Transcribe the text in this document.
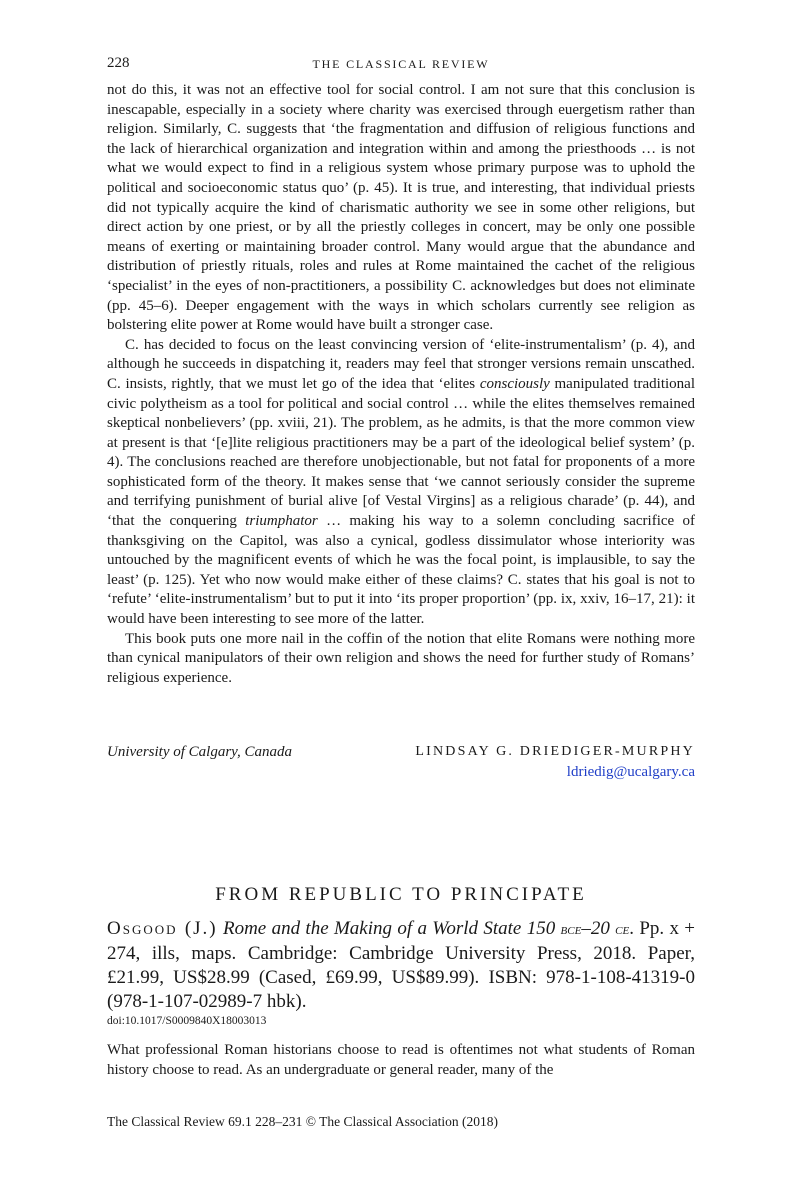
228	THE CLASSICAL REVIEW

not do this, it was not an effective tool for social control. I am not sure that this conclusion is inescapable, especially in a society where charity was exercised through euergetism rather than religion. Similarly, C. suggests that ‘the fragmentation and diffusion of religious functions and the lack of hierarchical organization and integration within and among the priesthoods … is not what we would expect to find in a religious system whose primary purpose was to uphold the political and socioeconomic status quo’ (p. 45). It is true, and interesting, that individual priests did not typically acquire the kind of charismatic authority we see in some other religions, but direct action by one priest, or by all the priestly colleges in concert, may be only one possible means of exerting or maintaining broader control. Many would argue that the abundance and distribution of priestly rituals, roles and rules at Rome maintained the cachet of the religious ‘specialist’ in the eyes of non-practitioners, a possibility C. acknowledges but does not eliminate (pp. 45–6). Deeper engagement with the ways in which scholars currently see religion as bolstering elite power at Rome would have built a stronger case.

C. has decided to focus on the least convincing version of ‘elite-instrumentalism’ (p. 4), and although he succeeds in dispatching it, readers may feel that stronger versions remain unscathed. C. insists, rightly, that we must let go of the idea that ‘elites consciously manipulated traditional civic polytheism as a tool for political and social control … while the elites themselves remained skeptical nonbelievers’ (pp. xviii, 21). The problem, as he admits, is that the more common view at present is that ‘[e]lite religious practitioners may be a part of the ideological belief system’ (p. 4). The conclusions reached are therefore unobjectionable, but not fatal for proponents of a more sophisticated form of the theory. It makes sense that ‘we cannot seriously consider the supreme and terrifying punishment of burial alive [of Vestal Virgins] as a religious charade’ (p. 44), and ‘that the conquering triumphator … making his way to a solemn concluding sacrifice of thanksgiving on the Capitol, was also a cynical, godless dissimulator whose interiority was untouched by the magnificent events of which he was the focal point, is implausible, to say the least’ (p. 125). Yet who now would make either of these claims? C. states that his goal is not to ‘refute’ ‘elite-instrumentalism’ but to put it into ‘its proper proportion’ (pp. ix, xxiv, 16–17, 21): it would have been interesting to see more of the latter.

This book puts one more nail in the coffin of the notion that elite Romans were nothing more than cynical manipulators of their own religion and shows the need for further study of Romans’ religious experience.

University of Calgary, Canada	LINDSAY G. DRIEDIGER-MURPHY
ldriedig@ucalgary.ca
FROM REPUBLIC TO PRINCIPATE
Osgood (J.) Rome and the Making of a World State 150 bce–20 ce. Pp. x + 274, ills, maps. Cambridge: Cambridge University Press, 2018. Paper, £21.99, US$28.99 (Cased, £69.99, US$89.99). ISBN: 978-1-108-41319-0 (978-1-107-02989-7 hbk).
doi:10.1017/S0009840X18003013
What professional Roman historians choose to read is oftentimes not what students of Roman history choose to read. As an undergraduate or general reader, many of the
The Classical Review 69.1 228–231 © The Classical Association (2018)
